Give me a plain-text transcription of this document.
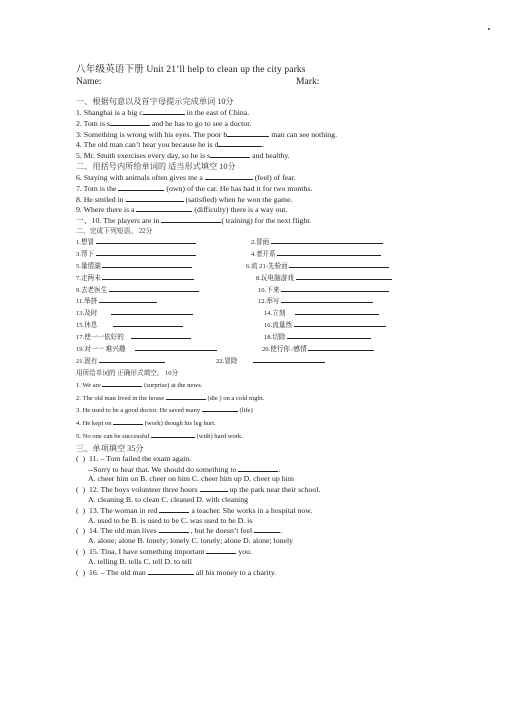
八年级英语下册 Unit 21’ll help to clean up the city parks
Name:	Mark:
一、根据句意以及首字母提示完成单词 10分
1. Shanghai is a big c	in the east of China.
2. Tom is s	and he has to go to see a doctor.
3. Something is wrong with his eyes. The poor b	man can see nothing.
4. The old man can’t hear you because he is d	.
5. Mr. Smith exercises every day, so he is s	and healthy.
二、用括号内所给单词的 适当形式填空 10分
6. Staying with animals often gives me a	(feel) of fear.
7. Tom is the	(own) of the car. He has had it for two months.
8. He smiled in	(satisfied) when he won the game.
9. Where there is a	(difficulty) there is a way out.
一、10. The players are in	( training) for the next flight.
二、完成下列短语。 22分
1.想冒	2.冒雨
3.帮下	4.者开系
5.量情湖	6.流 21-先检面
7.走两未	8.玩电脑游戏
9.去老医生	10.下来
11.举挤	12.举写
13.及时	14.立刻
15.休息	16.流量然
17.使一一依好的	18.切除
19.对一一 难兴趣	20.使行你 /感情
21.固有	22.冒除
用所给单词的 正确形式填空。 10分
1. We are	(surprise) at the news.
2. The old man lived in the house	(die ) on a cold night.
3. He used to be a good doctor. He saved many	(life)
4. He kept on	(work) though his leg hurt.
5. No one can be successful	(with) hard work.
三、单项填空 35分
(  ) 11. – Tom failed the exam again.
--Sorry to hear that. We should do something to	.
A. cheer him on B. cheer on him C. cheer him up D. cheer up him
(  ) 12. The boys volunteer three hours	up the park near their school.
A. cleaning B. to clean C. cleaned D. with cleaning
(  ) 13. The woman in red	a teacher. She works in a hospital now.
A. used to be B. is used to be C. was used to be D. is
(  ) 14. The old man lives	, but he doesn’t feel	.
A. alone; alone B. lonely; lonely C. lonely; alone D. alone; lonely
(  ) 15. Tina, I have something important	you.
A. telling B. tells C. tell D. to tell
(  ) 16. – The old man	all his money to a charity.
